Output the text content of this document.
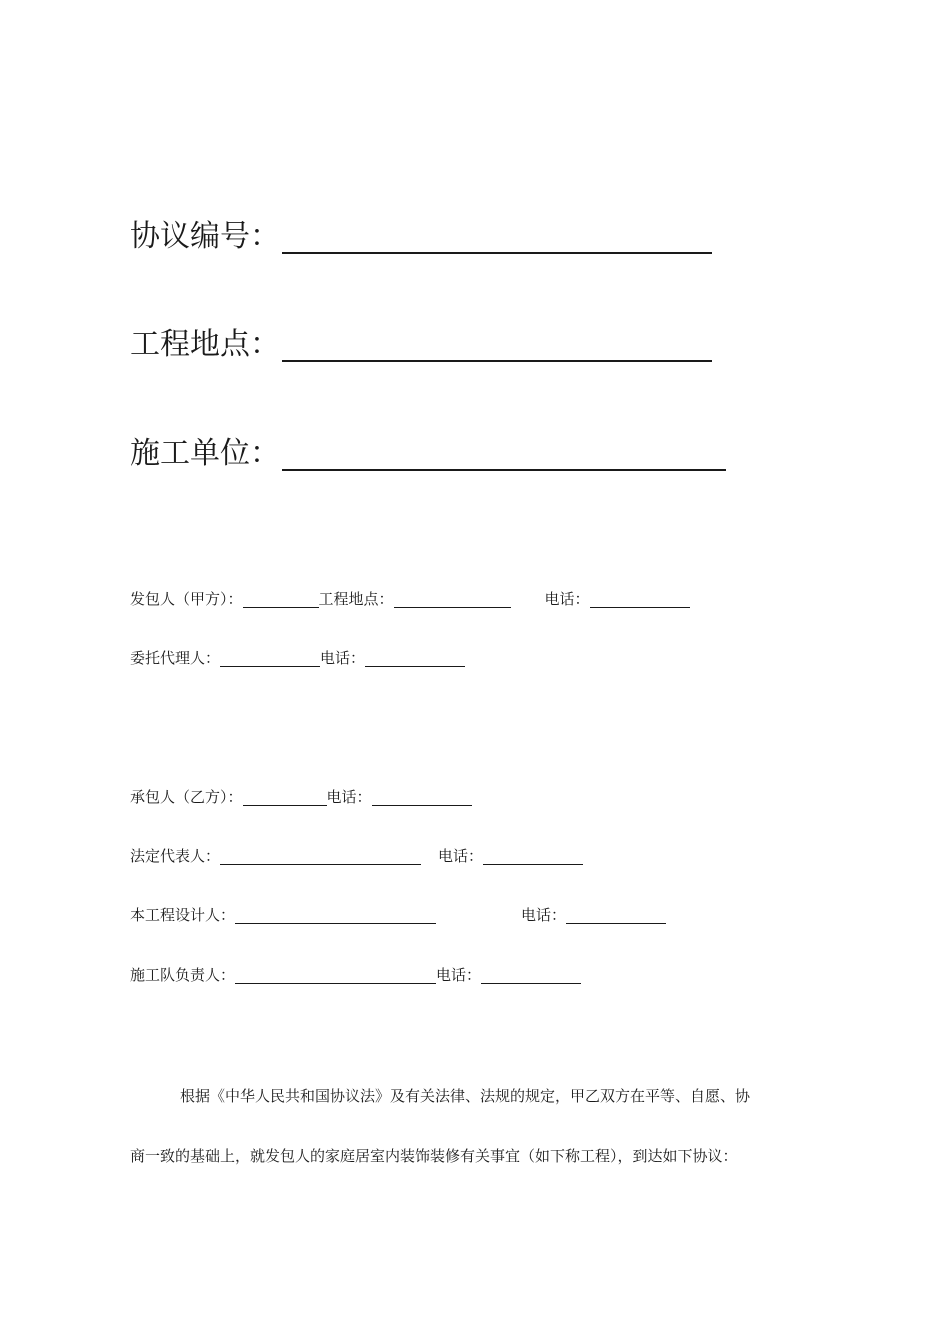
协议编号：
工程地点：
施工单位：
发包人（甲方）：	工程地点：	电话：
委托代理人：	电话：
承包人（乙方）：	电话：
法定代表人：	电话：
本工程设计人：	电话：
施工队负责人：	电话：
根据《中华人民共和国协议法》及有关法律、法规的规定，甲乙双方在平等、自愿、协
商一致的基础上，就发包人的家庭居室内装饰装修有关事宜（如下称工程），到达如下协议：
